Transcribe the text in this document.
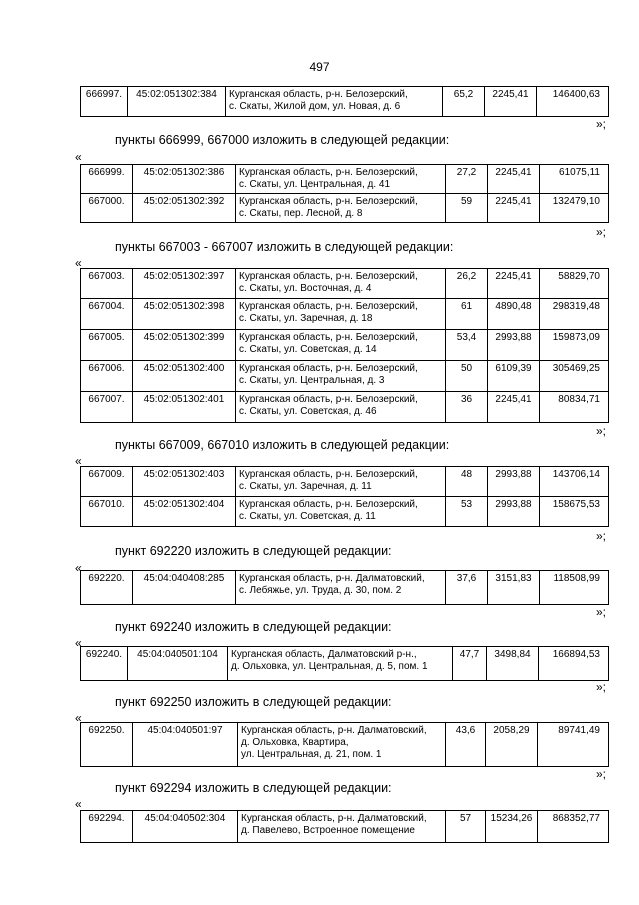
497
666997.	45:02:051302:384	Курганская область, р-н. Белозерский,
с. Скаты, Жилой дом, ул. Новая, д. 6
	65,2	2245,41	146400,63
»;
пункты 666999, 667000 изложить в следующей редакции:
«
666999.	45:02:051302:386	Курганская область, р-н. Белозерский,
с. Скаты, ул. Центральная, д. 41	27,2	2245,41	61075,11
667000.	45:02:051302:392	Курганская область, р-н. Белозерский,
с. Скаты, пер. Лесной, д. 8	59	2245,41	132479,10
»;
пункты 667003 - 667007 изложить в следующей редакции:
«
667003.	45:02:051302:397	Курганская область, р-н. Белозерский,
с. Скаты, ул. Восточная, д. 4	26,2	2245,41	58829,70
667004.	45:02:051302:398	Курганская область, р-н. Белозерский,
с. Скаты, ул. Заречная, д. 18	61	4890,48	298319,48
667005.	45:02:051302:399	Курганская область, р-н. Белозерский,
с. Скаты, ул. Советская, д. 14	53,4	2993,88	159873,09
667006.	45:02:051302:400	Курганская область, р-н. Белозерский,
с. Скаты, ул. Центральная, д. 3	50	6109,39	305469,25
667007.	45:02:051302:401	Курганская область, р-н. Белозерский,
с. Скаты, ул. Советская, д. 46	36	2245,41	80834,71
»;
пункты 667009, 667010 изложить в следующей редакции:
«
667009.	45:02:051302:403	Курганская область, р-н. Белозерский,
с. Скаты, ул. Заречная, д. 11	48	2993,88	143706,14
667010.	45:02:051302:404	Курганская область, р-н. Белозерский,
с. Скаты, ул. Советская, д. 11	53	2993,88	158675,53
»;
пункт 692220 изложить в следующей редакции:
«
692220.	45:04:040408:285	Курганская область, р-н. Далматовский,
с. Лебяжье, ул. Труда, д. 30, пом. 2
	37,6	3151,83	118508,99
»;
пункт 692240 изложить в следующей редакции:
«
692240.	45:04:040501:104	Курганская область, Далматовский р-н.,
д. Ольховка, ул. Центральная, д. 5, пом. 1
	47,7	3498,84	166894,53
»;
пункт 692250 изложить в следующей редакции:
«
692250.	45:04:040501:97	Курганская область, р-н. Далматовский,
д. Ольховка, Квартира,
ул. Центральная, д. 21, пом. 1
	43,6	2058,29	89741,49
»;
пункт 692294 изложить в следующей редакции:
«
692294.	45:04:040502:304	Курганская область, р-н. Далматовский,
д. Павелево, Встроенное помещение
	57	15234,26	868352,77
